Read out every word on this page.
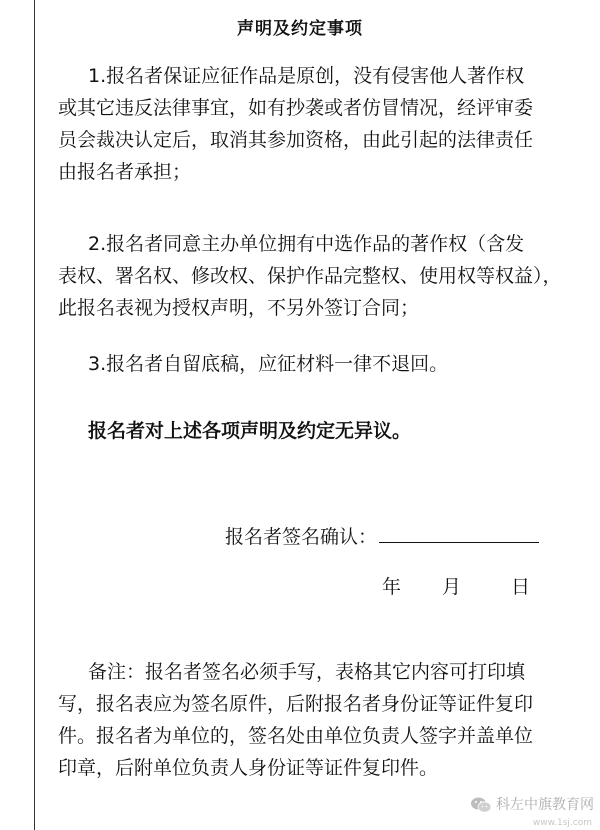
声明及约定事项
1.报名者保证应征作品是原创，没有侵害他人著作权
或其它违反法律事宜，如有抄袭或者仿冒情况，经评审委
员会裁决认定后，取消其参加资格，由此引起的法律责任
由报名者承担；
2.报名者同意主办单位拥有中选作品的著作权（含发
表权、署名权、修改权、保护作品完整权、使用权等权益），
此报名表视为授权声明，不另外签订合同；
3.报名者自留底稿，应征材料一律不退回。
报名者对上述各项声明及约定无异议。
报名者签名确认：
年 月	日
备注：报名者签名必须手写，表格其它内容可打印填
写，报名表应为签名原件，后附报名者身份证等证件复印
件。报名者为单位的，签名处由单位负责人签字并盖单位
印章，后附单位负责人身份证等证件复印件。
科左中旗教育网
www.1sj.com
